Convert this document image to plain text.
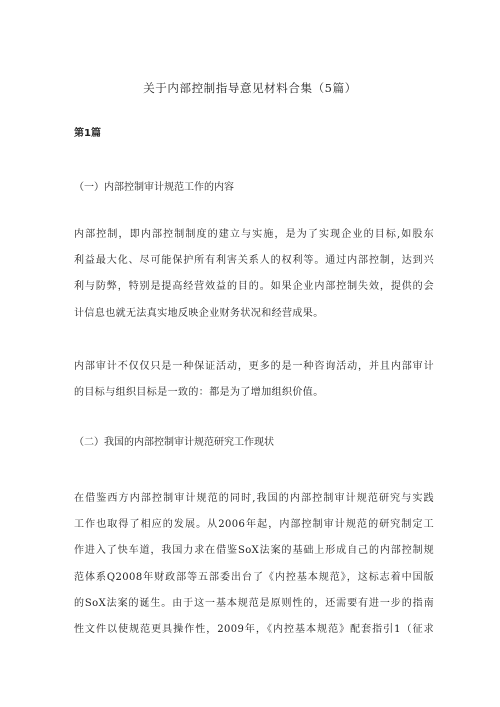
关于内部控制指导意见材料合集（5篇）
第1篇
（一）内部控制审计规范工作的内容
内部控制，即内部控制制度的建立与实施，是为了实现企业的目标,如股东
利益最大化、尽可能保护所有利害关系人的权利等。通过内部控制，达到兴
利与防弊，特别是提高经营效益的目的。如果企业内部控制失效，提供的会
计信息也就无法真实地反映企业财务状况和经营成果。
内部审计不仅仅只是一种保证活动，更多的是一种咨询活动，并且内部审计
的目标与组织目标是一致的：都是为了增加组织价值。
（二）我国的内部控制审计规范研究工作现状
在借鉴西方内部控制审计规范的同时,我国的内部控制审计规范研究与实践
工作也取得了相应的发展。从2006年起，内部控制审计规范的研究制定工
作进入了快车道，我国力求在借鉴SoX法案的基础上形成自己的内部控制规
范体系Q2008年财政部等五部委出台了《内控基本规范》，这标志着中国版
的SoX法案的诞生。由于这一基本规范是原则性的，还需要有进一步的指南
性文件以使规范更具操作性，2009年，《内控基本规范》配套指引1（征求
